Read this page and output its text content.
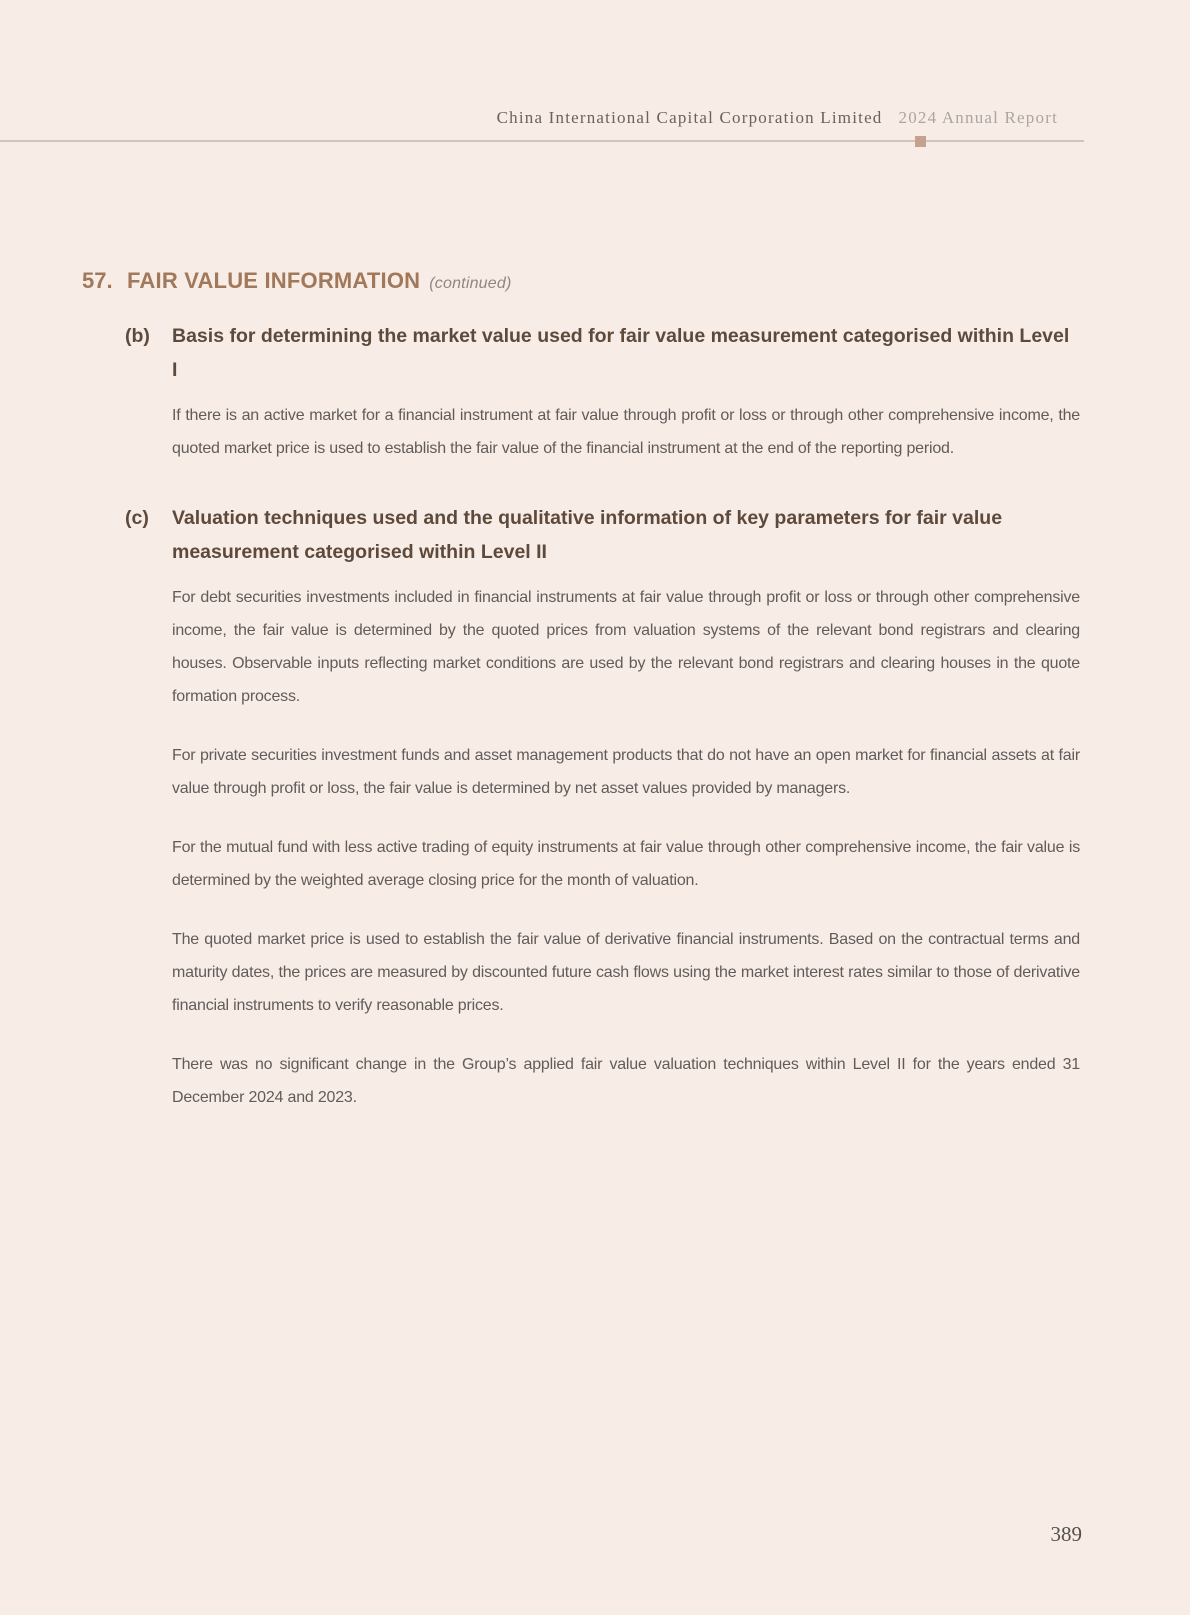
China International Capital Corporation Limited 2024 Annual Report
57. FAIR VALUE INFORMATION (continued)
(b)	Basis for determining the market value used for fair value measurement categorised within Level I

If there is an active market for a financial instrument at fair value through profit or loss or through other comprehensive income, the quoted market price is used to establish the fair value of the financial instrument at the end of the reporting period.

(c)	Valuation techniques used and the qualitative information of key parameters for fair value measurement categorised within Level II

For debt securities investments included in financial instruments at fair value through profit or loss or through other comprehensive income, the fair value is determined by the quoted prices from valuation systems of the relevant bond registrars and clearing houses. Observable inputs reflecting market conditions are used by the relevant bond registrars and clearing houses in the quote formation process.

For private securities investment funds and asset management products that do not have an open market for financial assets at fair value through profit or loss, the fair value is determined by net asset values provided by managers.

For the mutual fund with less active trading of equity instruments at fair value through other comprehensive income, the fair value is determined by the weighted average closing price for the month of valuation.

The quoted market price is used to establish the fair value of derivative financial instruments. Based on the contractual terms and maturity dates, the prices are measured by discounted future cash flows using the market interest rates similar to those of derivative financial instruments to verify reasonable prices.

There was no significant change in the Group’s applied fair value valuation techniques within Level II for the years ended 31 December 2024 and 2023.

389
